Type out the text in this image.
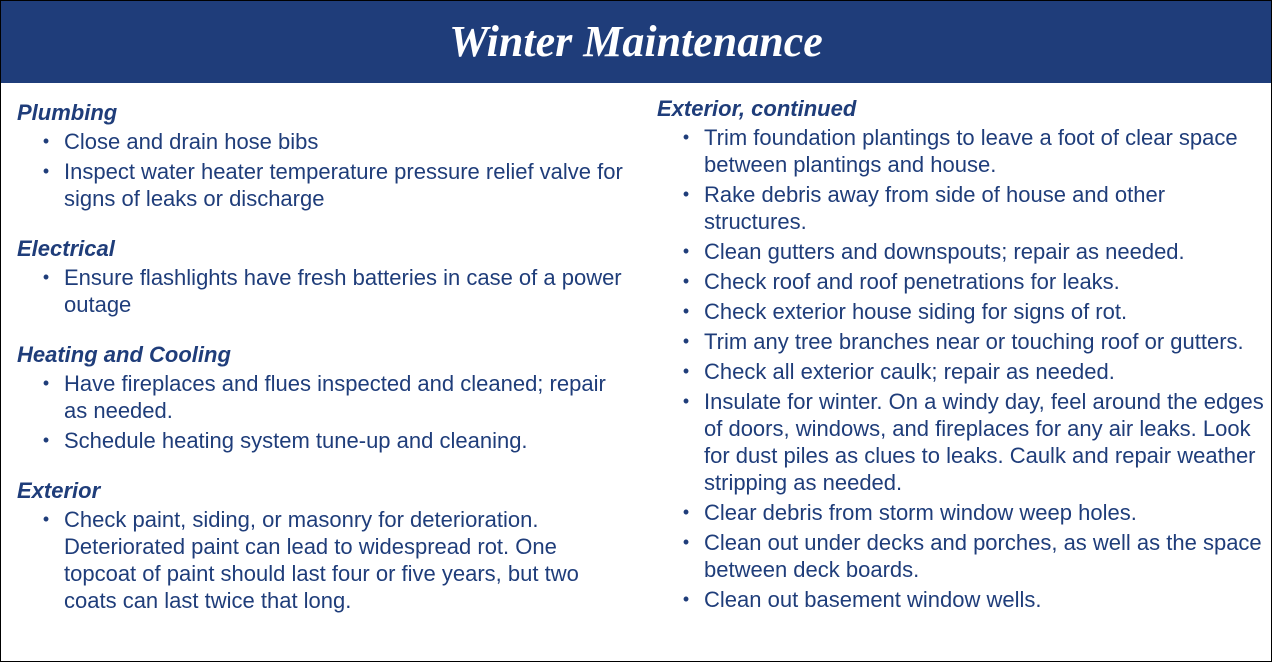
Winter Maintenance
Plumbing
• Close and drain hose bibs
• Inspect water heater temperature pressure relief valve for signs of leaks or discharge
Electrical
• Ensure flashlights have fresh batteries in case of a power outage
Heating and Cooling
• Have fireplaces and flues inspected and cleaned; repair as needed.
• Schedule heating system tune-up and cleaning.
Exterior
• Check paint, siding, or masonry for deterioration. Deteriorated paint can lead to widespread rot. One topcoat of paint should last four or five years, but two coats can last twice that long.
Exterior, continued
• Trim foundation plantings to leave a foot of clear space between plantings and house.
• Rake debris away from side of house and other structures.
• Clean gutters and downspouts; repair as needed.
• Check roof and roof penetrations for leaks.
• Check exterior house siding for signs of rot.
• Trim any tree branches near or touching roof or gutters.
• Check all exterior caulk; repair as needed.
• Insulate for winter. On a windy day, feel around the edges of doors, windows, and fireplaces for any air leaks. Look for dust piles as clues to leaks. Caulk and repair weather stripping as needed.
• Clear debris from storm window weep holes.
• Clean out under decks and porches, as well as the space between deck boards.
• Clean out basement window wells.
